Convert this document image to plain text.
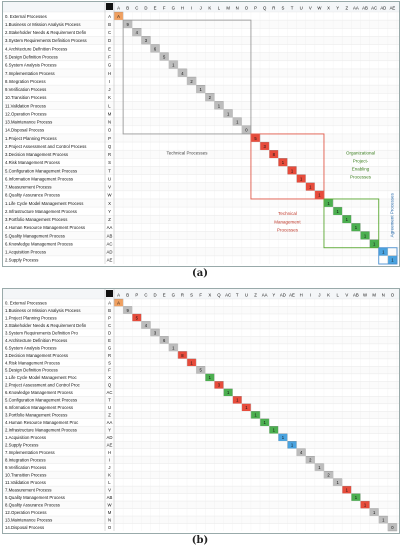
A B C D E F G H I J K L M N O P Q R S T U V W X Y Z AA AB AC AD AE
0. External Processes	A A
1.Business or Mission Analysis Process	B	9
2.Stakeholder Needs & Requirement Defin	C	4
3.System Requirements Definition Process	D	3
4.Architecture Definition Process	E	6
5.Design Definition Process	F	5
6.System Analysis Process	G	1
7.Implementation Process	H	4
8.Integration Process	I	2
9.Verification Process	J	1
10.Transition Process	K	2
11.Validation Process	L	1
12.Operation Process	M	1
13.Maintenance Process	N	1
14.Disposal Process	O	0
1.Project Planning Process	P	5
2.Project Assessment and Control Process	Q	3
3.Decision Management Process	R	8
4.Risk Management Process	S	1
5.Configuration Management Process	T	1
6.Information Management Process	U	1
7.Measurement Process	V	1
8.Quality Assurance Process	W	1
1.Life Cycle Model Management Process	X	1
2.Infrastructure Management Process	Y	1
3.Portfolio Management Process	Z	1
4.Human Resource Management Process	AA	1
5.Quality Management Process	AB	1
6.Knowledge Management Process	AC	1
1.Acquisition Process	AD	1
2.Supply Process	AE	1
Technical Processes	Organizational
Project-
Enabling
Processes
Technical
Management
Processes	Agreement Processes
(a)
A B P C D E G R S F X Q AC T U Z AA Y AD AE H I J K L V AB W M N O
0. External Processes	A A
1.Business or Mission Analysis Process	B	9
1.Project Planning Process	P	5
2.Stakeholder Needs & Requirement Defin	C	4
3.System Requirements Definition Pro	D	3
4.Architecture Definition Process	E	6
6.System Analysis Process	G	1
3.Decision Management Process	R	8
4.Risk Management Process	S	1
5.Design Definition Process	F	5
1.Life Cycle Model Management Proc	X	1
2.Project Assessment and Control Proc	Q	3
6.Knowledge Management Process	AC	1
5.Configuration Management Process	T	1
6.Information Management Process	U	1
3.Portfolio Management Process	Z	1
4.Human Resource Management Proc	AA	1
2.Infrastructure Management Process	Y	1
1.Acquisition Process	AD	1
2.Supply Process	AE	1
7.Implementation Process	H	4
8.Integration Process	I	2
9.Verification Process	J	1
10.Transition Process	K	2
11.Validation Process	L	1
7.Measurement Process	V	1
5.Quality Management Process	AB	1
8.Quality Assurance Process	W	1
12.Operation Process	M	1
13.Maintenance Process	N	1
14.Disposal Process	O	0
(b)
